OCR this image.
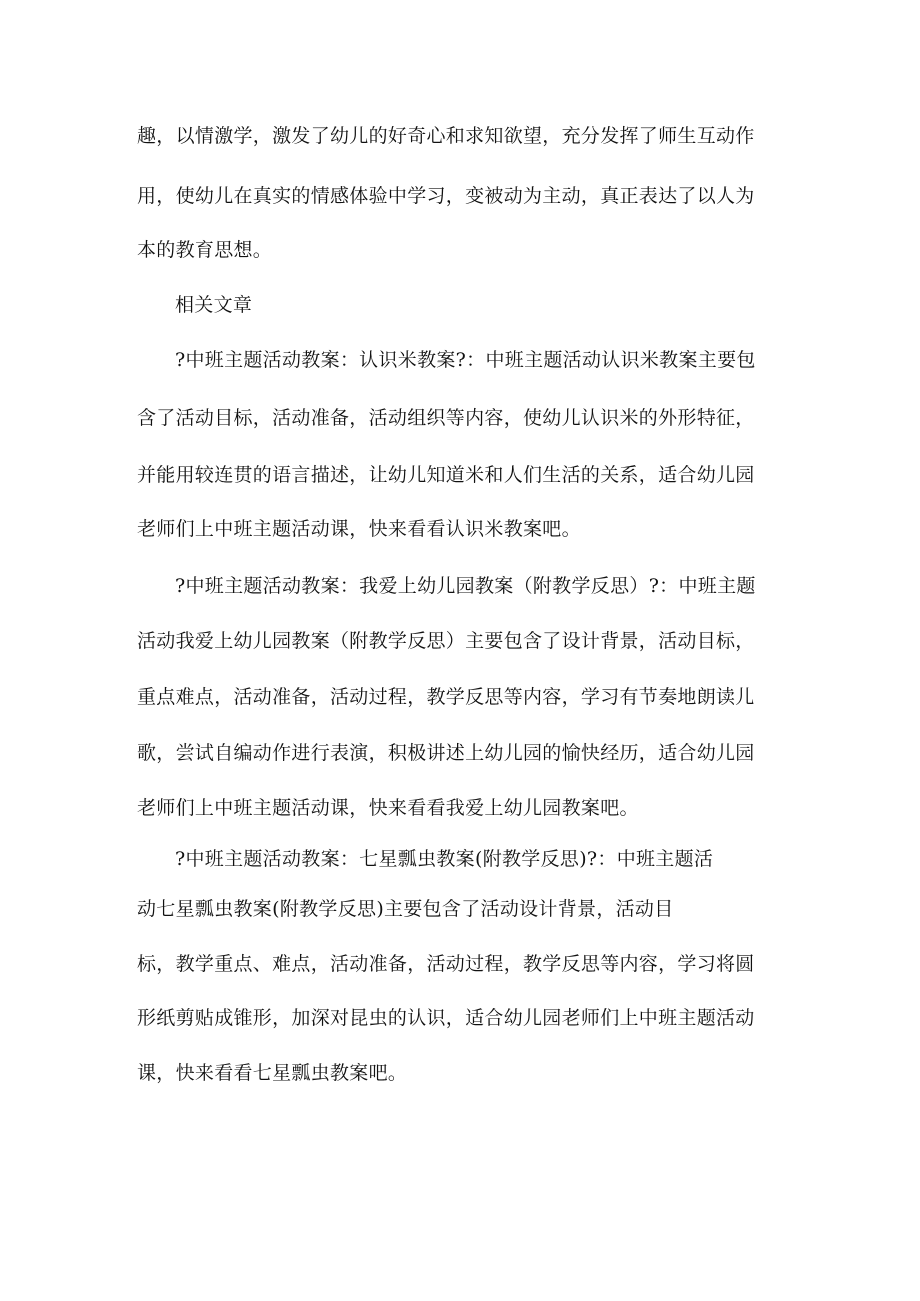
趣，以情激学，激发了幼儿的好奇心和求知欲望，充分发挥了师生互动作

用，使幼儿在真实的情感体验中学习，变被动为主动，真正表达了以人为

本的教育思想。

相关文章

?中班主题活动教案：认识米教案?：中班主题活动认识米教案主要包

含了活动目标，活动准备，活动组织等内容，使幼儿认识米的外形特征，

并能用较连贯的语言描述，让幼儿知道米和人们生活的关系，适合幼儿园

老师们上中班主题活动课，快来看看认识米教案吧。

?中班主题活动教案：我爱上幼儿园教案（附教学反思）?：中班主题

活动我爱上幼儿园教案（附教学反思）主要包含了设计背景，活动目标，

重点难点，活动准备，活动过程，教学反思等内容，学习有节奏地朗读儿

歌，尝试自编动作进行表演，积极讲述上幼儿园的愉快经历，适合幼儿园

老师们上中班主题活动课，快来看看我爱上幼儿园教案吧。

?中班主题活动教案：七星瓢虫教案(附教学反思)?：中班主题活

动七星瓢虫教案(附教学反思)主要包含了活动设计背景，活动目

标，教学重点、难点，活动准备，活动过程，教学反思等内容，学习将圆

形纸剪贴成锥形，加深对昆虫的认识，适合幼儿园老师们上中班主题活动

课，快来看看七星瓢虫教案吧。
